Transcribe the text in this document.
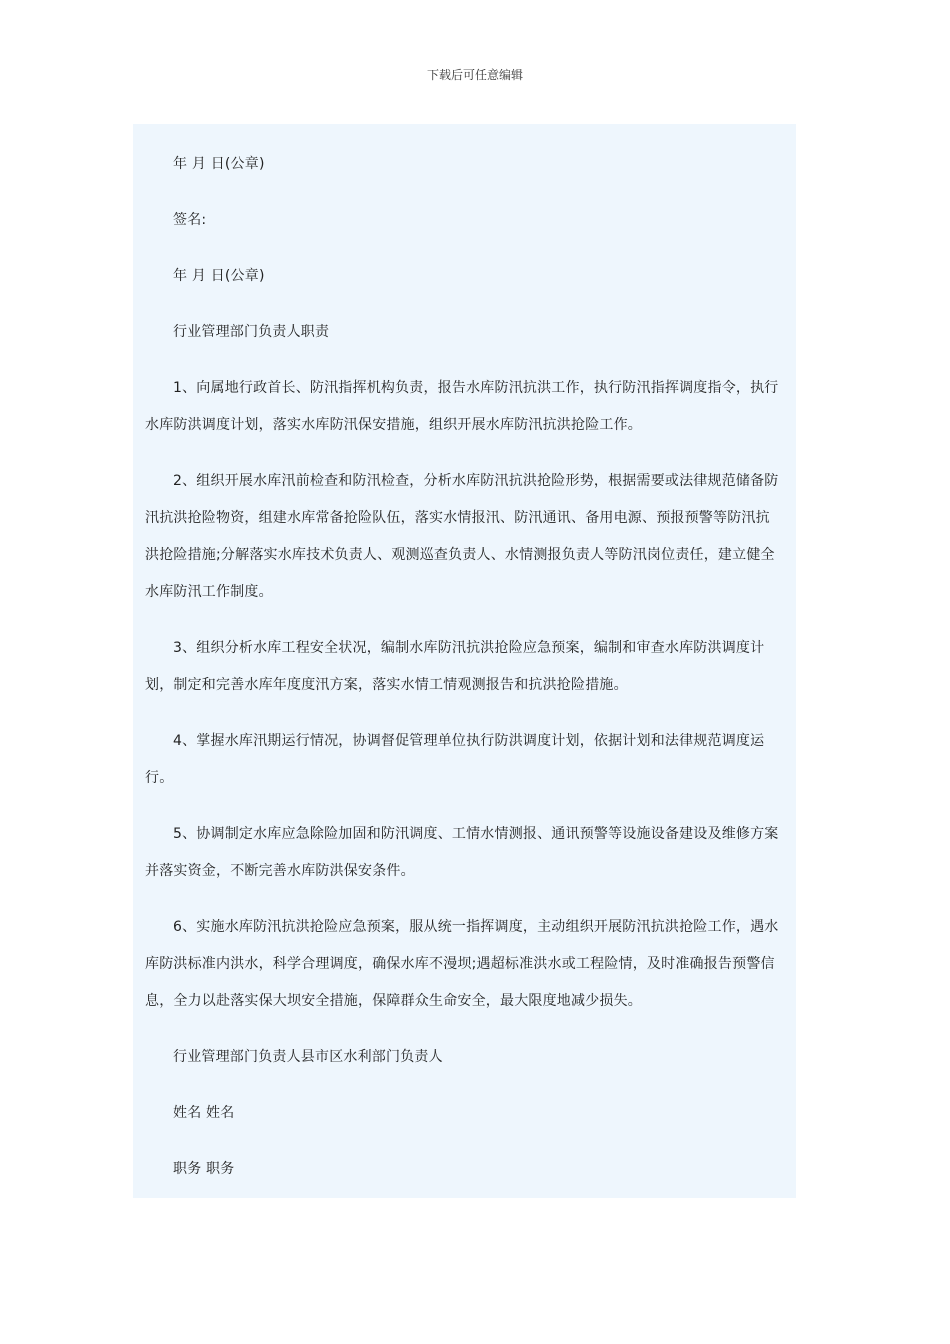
下载后可任意编辑

年 月 日(公章)

签名:

年 月 日(公章)

行业管理部门负责人职责

1、向属地行政首长、防汛指挥机构负责，报告水库防汛抗洪工作，执行防汛指挥调度指令，执行水库防洪调度计划，落实水库防汛保安措施，组织开展水库防汛抗洪抢险工作。

2、组织开展水库汛前检查和防汛检查，分析水库防汛抗洪抢险形势，根据需要或法律规范储备防汛抗洪抢险物资，组建水库常备抢险队伍，落实水情报汛、防汛通讯、备用电源、预报预警等防汛抗洪抢险措施;分解落实水库技术负责人、观测巡查负责人、水情测报负责人等防汛岗位责任，建立健全水库防汛工作制度。

3、组织分析水库工程安全状况，编制水库防汛抗洪抢险应急预案，编制和审查水库防洪调度计划，制定和完善水库年度度汛方案，落实水情工情观测报告和抗洪抢险措施。

4、掌握水库汛期运行情况，协调督促管理单位执行防洪调度计划，依据计划和法律规范调度运行。

5、协调制定水库应急除险加固和防汛调度、工情水情测报、通讯预警等设施设备建设及维修方案并落实资金，不断完善水库防洪保安条件。

6、实施水库防汛抗洪抢险应急预案，服从统一指挥调度，主动组织开展防汛抗洪抢险工作，遇水库防洪标准内洪水，科学合理调度，确保水库不漫坝;遇超标准洪水或工程险情，及时准确报告预警信息，全力以赴落实保大坝安全措施，保障群众生命安全，最大限度地减少损失。

行业管理部门负责人县市区水利部门负责人

姓名 姓名

职务 职务
